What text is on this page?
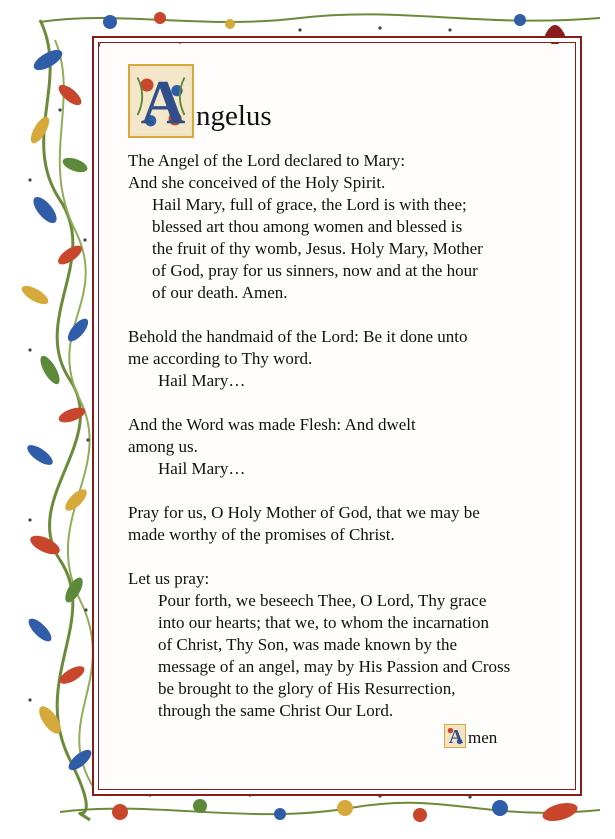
A ngelus
The Angel of the Lord declared to Mary:
And she conceived of the Holy Spirit.
Hail Mary, full of grace, the Lord is with thee;
blessed art thou among women and blessed is
the fruit of thy womb, Jesus. Holy Mary, Mother
of God, pray for us sinners, now and at the hour
of our death. Amen.
Behold the handmaid of the Lord: Be it done unto
me according to Thy word.
Hail Mary…
And the Word was made Flesh: And dwelt
among us.
Hail Mary…
Pray for us, O Holy Mother of God, that we may be
made worthy of the promises of Christ.
Let us pray:
Pour forth, we beseech Thee, O Lord, Thy grace
into our hearts; that we, to whom the incarnation
of Christ, Thy Son, was made known by the
message of an angel, may by His Passion and Cross
be brought to the glory of His Resurrection,
through the same Christ Our Lord.
A men
